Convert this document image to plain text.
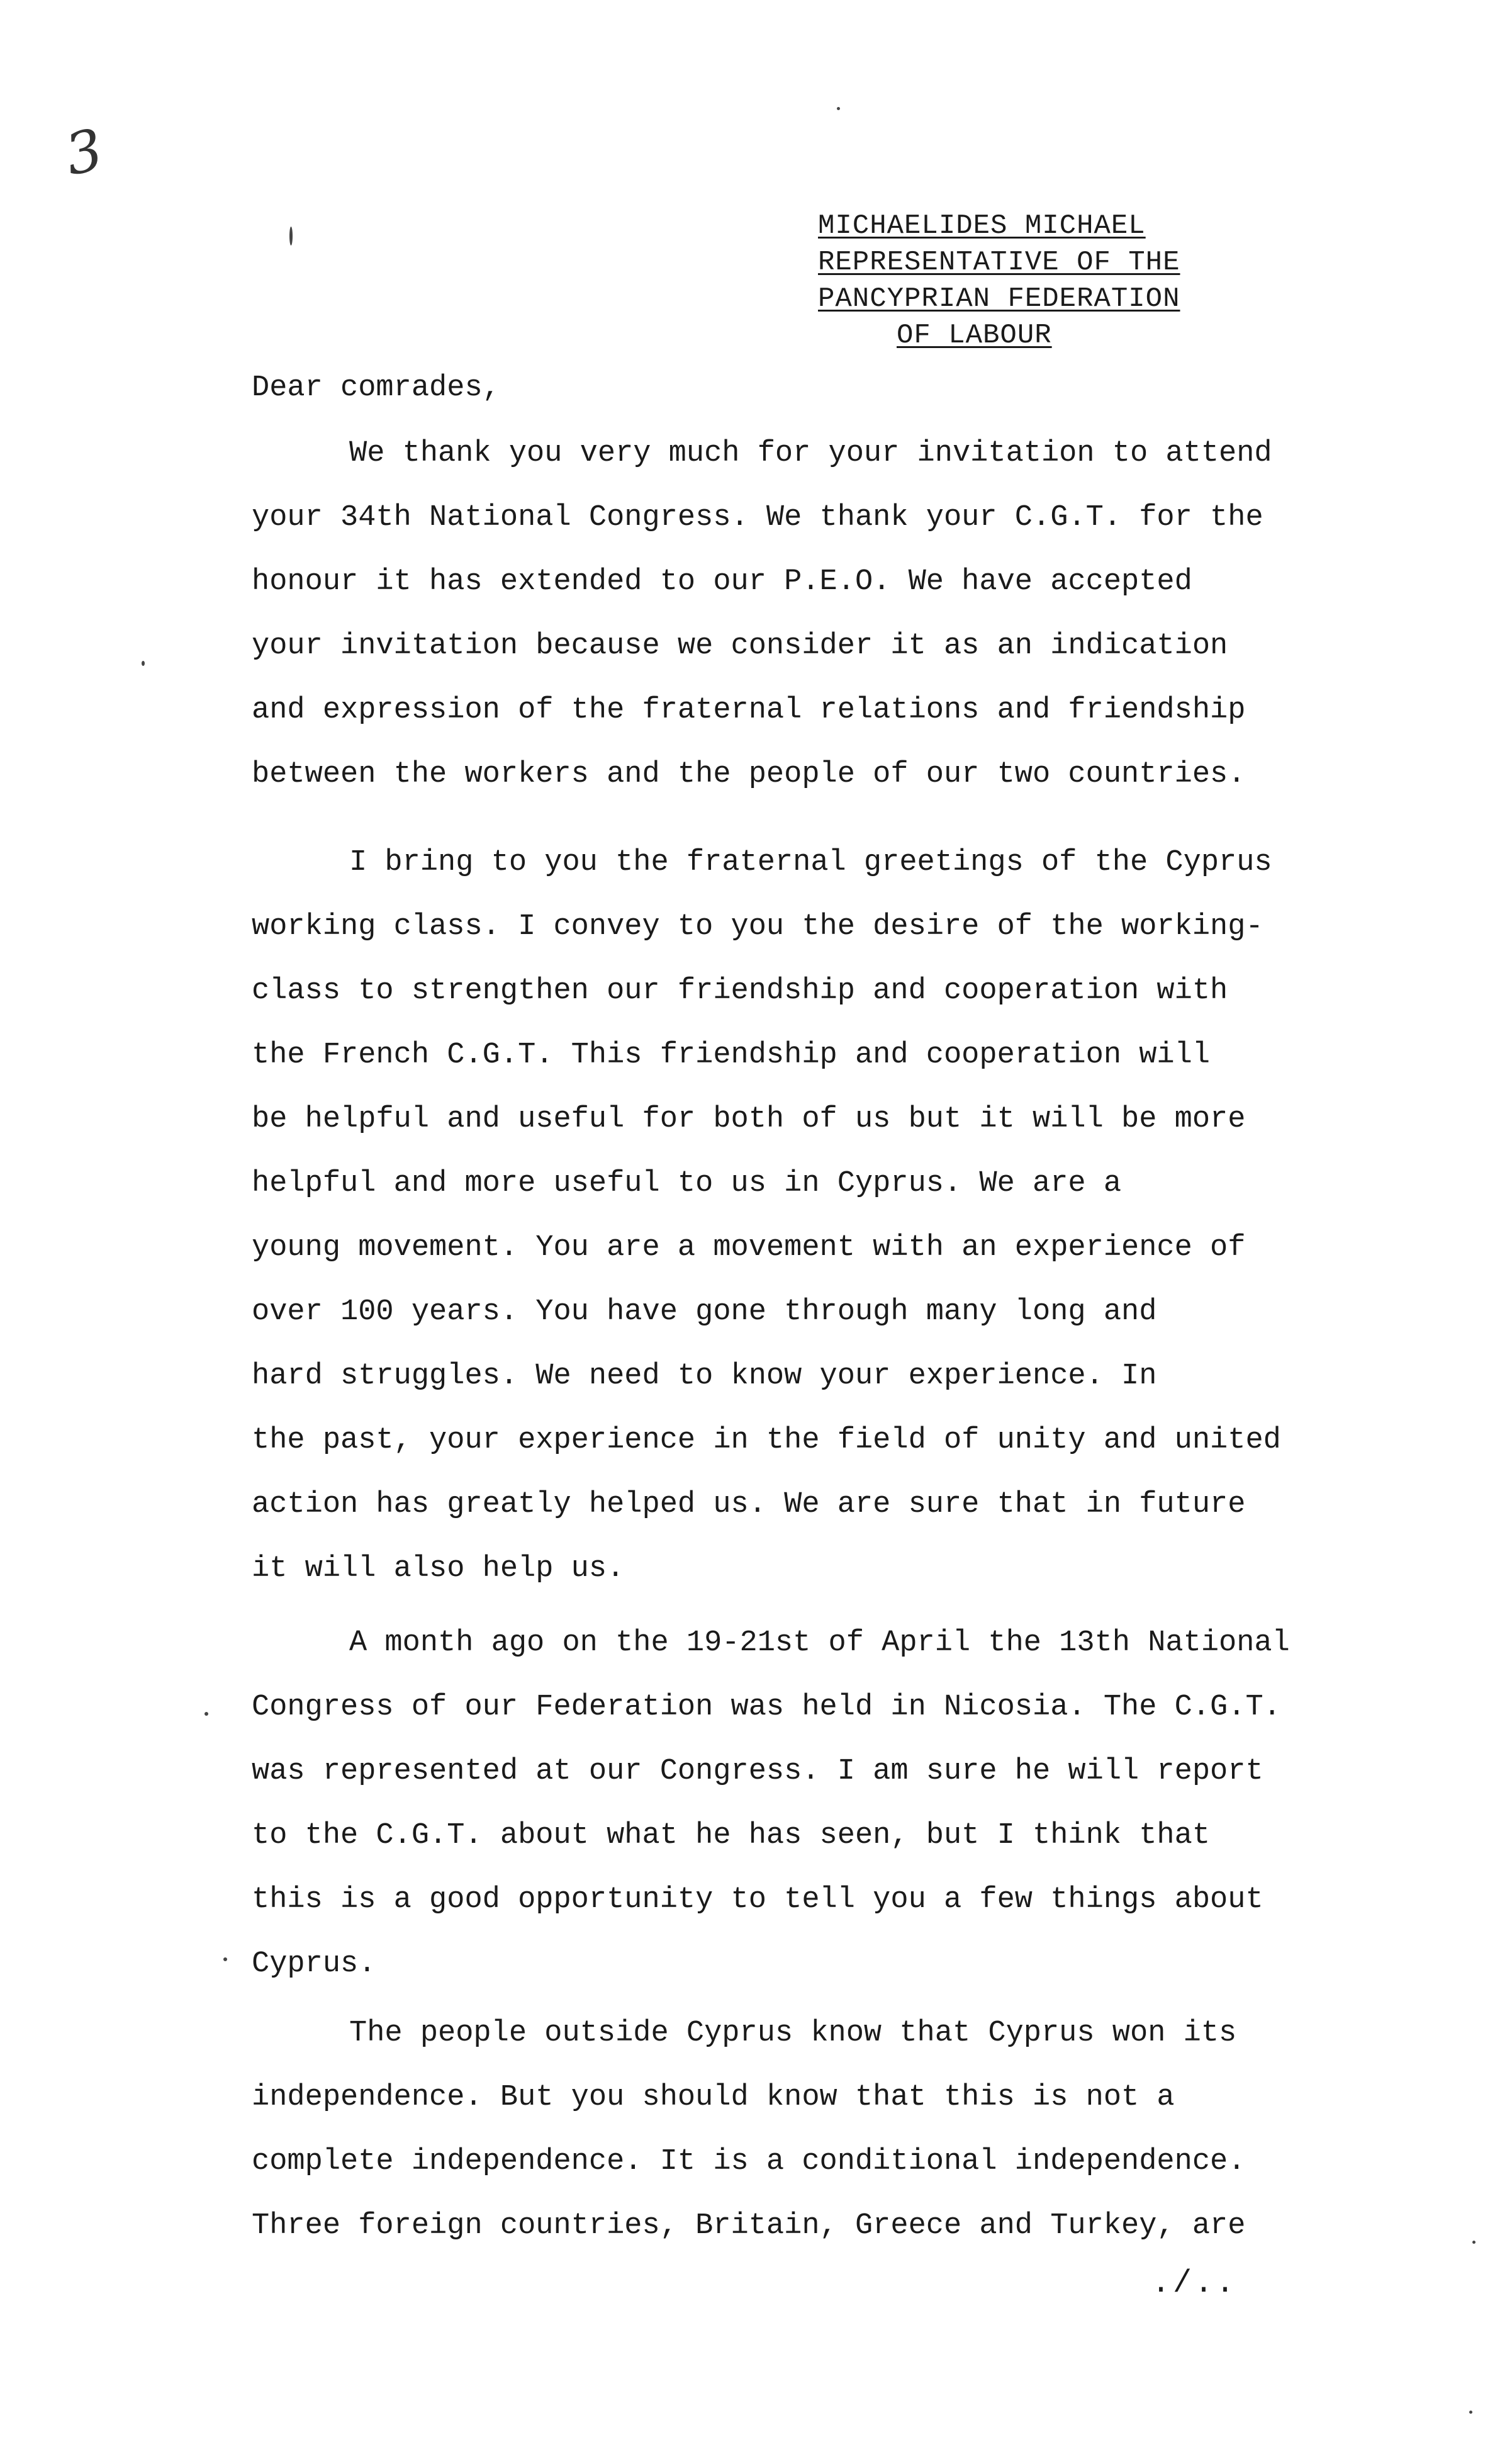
3
MICHAELIDES MICHAEL
REPRESENTATIVE OF THE
PANCYPRIAN FEDERATION
OF LABOUR
Dear comrades,
We thank you very much for your invitation to attend
your 34th National Congress. We thank your C.G.T. for the
honour it has extended to our P.E.O. We have accepted
your invitation because we consider it as an indication
and expression of the fraternal relations and friendship
between the workers and the people of our two countries.
I bring to you the fraternal greetings of the Cyprus
working class. I convey to you the desire of the working-
class to strengthen our friendship and cooperation with
the French C.G.T. This friendship and cooperation will
be helpful and useful for both of us but it will be more
helpful and more useful to us in Cyprus. We are a
young movement. You are a movement with an experience of
over 100 years. You have gone through many long and
hard struggles. We need to know your experience. In
the past, your experience in the field of unity and united
action has greatly helped us. We are sure that in future
it will also help us.
A month ago on the 19-21st of April the 13th National
Congress of our Federation was held in Nicosia. The C.G.T.
was represented at our Congress. I am sure he will report
to the C.G.T. about what he has seen, but I think that
this is a good opportunity to tell you a few things about
Cyprus.
The people outside Cyprus know that Cyprus won its
independence. But you should know that this is not a
complete independence. It is a conditional independence.
Three foreign countries, Britain, Greece and Turkey, are
./..
